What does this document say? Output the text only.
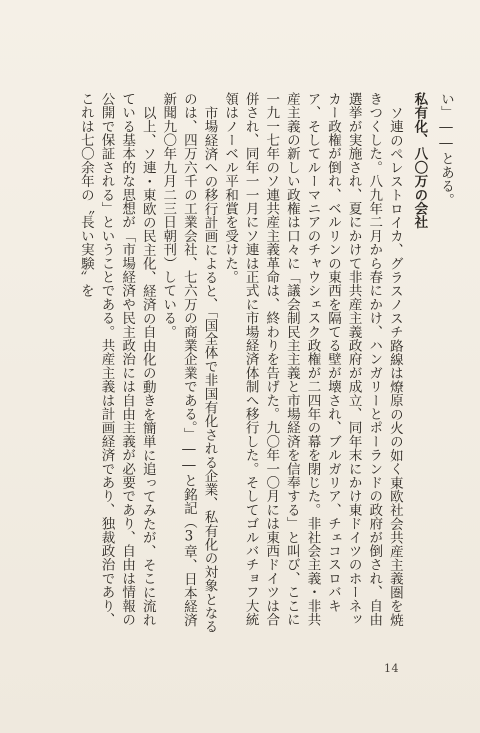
い」――とある。

私有化、八〇万の会社

ソ連のペレストロイカ、グラスノスチ路線は燎原の火の如く東欧社会共産主義圏を焼きつくした。八九年二月から春にかけ、ハンガリーとポーランドの政府が倒され、自由選挙が実施され、夏にかけて非共産主義政府が成立、同年末にかけ東ドイツのホーネッカー政権が倒れ、ベルリンの東西を隔てる壁が壊され、ブルガリア、チェコスロバキア、そしてルーマニアのチャウシェスク政権が二四年の幕を閉じた。非社会主義・非共産主義の新しい政権は口々に「議会制民主主義と市場経済を信奉する」と叫び、ここに一九一七年のソ連共産主義革命は、終わりを告げた。九〇年一〇月には東西ドイツは合併され、同年一一月にソ連は正式に市場経済体制へ移行した。そしてゴルバチョフ大統領はノーベル平和賞を受けた。

市場経済への移行計画によると、「国全体で非国有化される企業、私有化の対象となるのは、四万六千の工業会社、七六万の商業企業である。」――と銘記（3章、日本経済新聞九〇年九月二三日朝刊）している。

以上、ソ連・東欧の民主化、経済の自由化の動きを簡単に追ってみたが、そこに流れている基本的な思想が「市場経済や民主政治には自由主義が必要であり、自由は情報の公開で保証される」ということである。共産主義は計画経済であり、独裁政治であり、これは七〇余年の〝長い実験〟を

14
